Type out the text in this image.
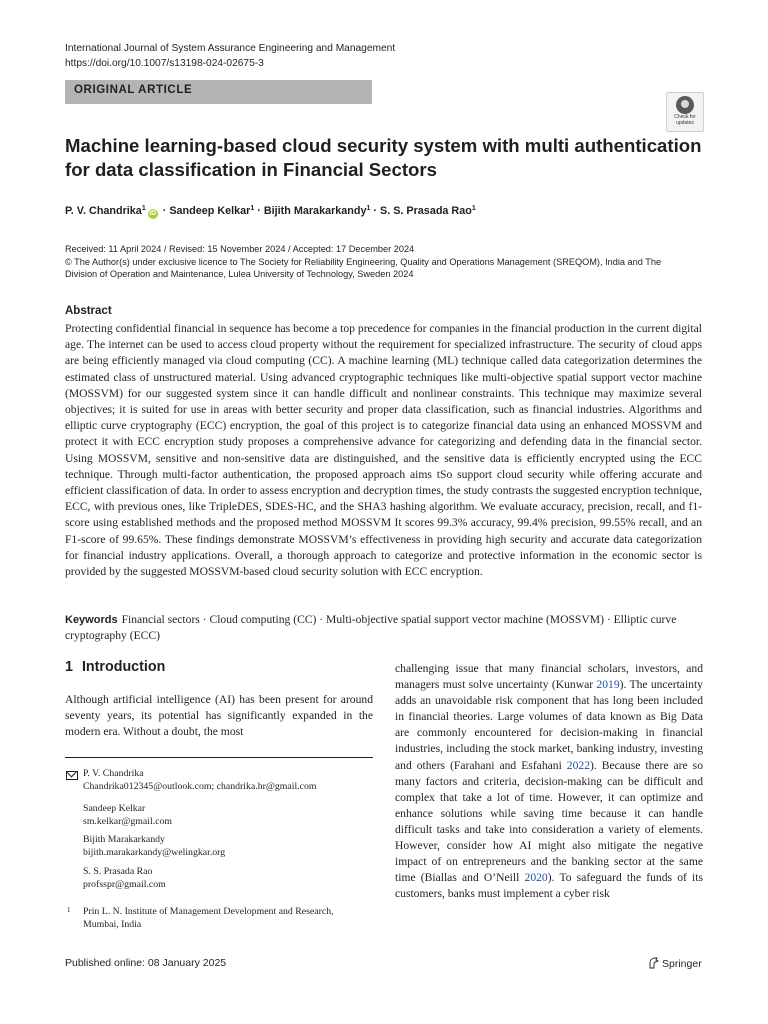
International Journal of System Assurance Engineering and Management
https://doi.org/10.1007/s13198-024-02675-3
ORIGINAL ARTICLE
Check for
updates
Machine learning-based cloud security system with multi authentication for data classification in Financial Sectors
P. V. Chandrika$^1$iD · Sandeep Kelkar$^1$ · Bijith Marakarkandy$^1$ · S. S. Prasada Rao$^1$
Received: 11 April 2024 / Revised: 15 November 2024 / Accepted: 17 December 2024
© The Author(s) under exclusive licence to The Society for Reliability Engineering, Quality and Operations Management (SREQOM), India and The
Division of Operation and Maintenance, Lulea University of Technology, Sweden 2024
Abstract
Protecting confidential financial in sequence has become a top precedence for companies in the financial production in the current digital age. The internet can be used to access cloud property without the requirement for specialized infrastructure. The security of cloud apps are being efficiently managed via cloud computing (CC). A machine learning (ML) technique called data categorization determines the estimated class of unstructured material. Using advanced cryptographic techniques like multi-objective spatial support vector machine (MOSSVM) for our suggested system since it can handle difficult and nonlinear constraints. This technique may maximize several objectives; it is suited for use in areas with better security and proper data classification, such as financial industries. Algorithms and elliptic curve cryptography (ECC) encryption, the goal of this project is to categorize financial data using an enhanced MOSSVM and protect it with ECC encryption study proposes a comprehensive advance for categorizing and defending data in the financial sector. Using MOSSVM, sensitive and non-sensitive data are distinguished, and the sensitive data is efficiently encrypted using the ECC technique. Through multi-factor authentication, the proposed approach aims tSo support cloud security while offering accurate and efficient classification of data. In order to assess encryption and decryption times, the study contrasts the suggested encryption technique, ECC, with previous ones, like TripleDES, SDES-HC, and the SHA3 hashing algorithm. We evaluate accuracy, precision, recall, and f1-score using established methods and the proposed method MOSSVM It scores 99.3% accuracy, 99.4% precision, 99.55% recall, and an F1-score of 99.65%. These findings demonstrate MOSSVM’s effectiveness in providing high security and accurate data categorization for financial industry applications. Overall, a thorough approach to categorize and protective information in the economic sector is provided by the suggested MOSSVM-based cloud security solution with ECC encryption.
Keywords Financial sectors · Cloud computing (CC) · Multi-objective spatial support vector machine (MOSSVM) · Elliptic curve cryptography (ECC)
1 Introduction
Although artificial intelligence (AI) has been present for around seventy years, its potential has significantly expanded in the modern era. Without a doubt, the most
P. V. Chandrika
Chandrika012345@outlook.com; chandrika.hr@gmail.com
Sandeep Kelkar
sm.kelkar@gmail.com
Bijith Marakarkandy
bijith.marakarkandy@welingkar.org
S. S. Prasada Rao
profsspr@gmail.com
1 Prin L. N. Institute of Management Development and Research, Mumbai, India
challenging issue that many financial scholars, investors, and managers must solve uncertainty (Kunwar 2019). The uncertainty adds an unavoidable risk component that has long been included in financial theories. Large volumes of data known as Big Data are commonly encountered for decision-making in financial industries, including the stock market, banking industry, investing and others (Farahani and Esfahani 2022). Because there are so many factors and criteria, decision-making can be difficult and complex that take a lot of time. However, it can optimize and enhance solutions while saving time because it can handle difficult tasks and take into consideration a variety of elements. However, consider how AI might also mitigate the negative impact of on entrepreneurs and the banking sector at the same time (Biallas and O’Neill 2020). To safeguard the funds of its customers, banks must implement a cyber risk
Published online: 08 January 2025	Springer
